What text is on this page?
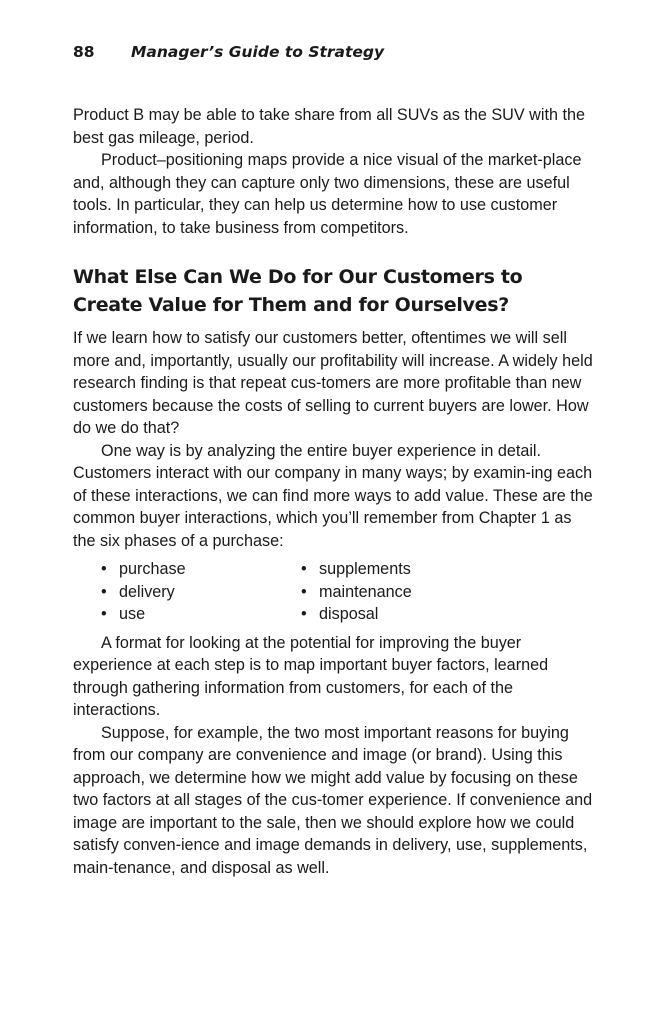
88 Manager’s Guide to Strategy

Product B may be able to take share from all SUVs as the SUV with the best gas mileage, period.

Product–positioning maps provide a nice visual of the market-place and, although they can capture only two dimensions, these are useful tools. In particular, they can help us determine how to use customer information, to take business from competitors.

What Else Can We Do for Our Customers to Create Value for Them and for Ourselves?

If we learn how to satisfy our customers better, oftentimes we will sell more and, importantly, usually our profitability will increase. A widely held research finding is that repeat cus-tomers are more profitable than new customers because the costs of selling to current buyers are lower. How do we do that?

One way is by analyzing the entire buyer experience in detail. Customers interact with our company in many ways; by examin-ing each of these interactions, we can find more ways to add value. These are the common buyer interactions, which you’ll remember from Chapter 1 as the six phases of a purchase:

• purchase
• delivery
• use
• supplements
• maintenance
• disposal

A format for looking at the potential for improving the buyer experience at each step is to map important buyer factors, learned through gathering information from customers, for each of the interactions.

Suppose, for example, the two most important reasons for buying from our company are convenience and image (or brand). Using this approach, we determine how we might add value by focusing on these two factors at all stages of the cus-tomer experience. If convenience and image are important to the sale, then we should explore how we could satisfy conven-ience and image demands in delivery, use, supplements, main-tenance, and disposal as well.
